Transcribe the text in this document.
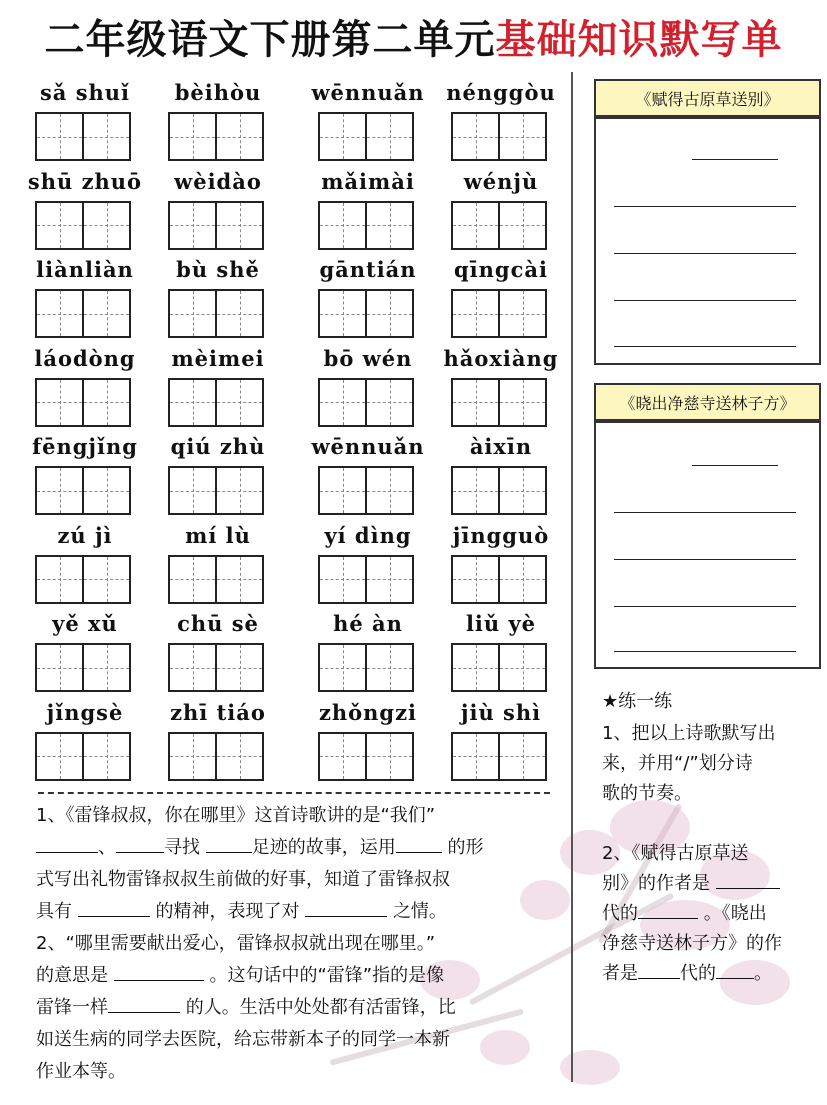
二年级语文下册第二单元基础知识默写单
sǎ shuǐ	bèihòu	wēnnuǎn	nénggòu
shū zhuō	wèidào	mǎimài	wénjù
liànliàn	bù shě	gāntián	qīngcài
láodòng	mèimei	bō wén	hǎoxiàng
fēngjǐng	qiú zhù	wēnnuǎn	àixīn
zú jì	mí lù	yí dìng	jīngguò
yě xǔ	chū sè	hé àn	liǔ yè
jǐngsè	zhī tiáo	zhǒngzi	jiù shì
《赋得古原草送别》
《晓出净慈寺送林子方》
★练一练
1、把以上诗歌默写出
来，并用“/”划分诗
歌的节奏。
2、《赋得古原草送
别》的作者是
代的	。《晓出
净慈寺送林子方》的作
者是 代的 。
1、《雷锋叔叔，你在哪里》这首诗歌讲的是“我们”
、	寻找	足迹的故事，运用	的形
式写出礼物雷锋叔叔生前做的好事，知道了雷锋叔叔
具有	的精神，表现了对	之情。
2、“哪里需要献出爱心，雷锋叔叔就出现在哪里。”
的意思是	。这句话中的“雷锋”指的是像
雷锋一样	的人。生活中处处都有活雷锋，比
如送生病的同学去医院，给忘带新本子的同学一本新
作业本等。
